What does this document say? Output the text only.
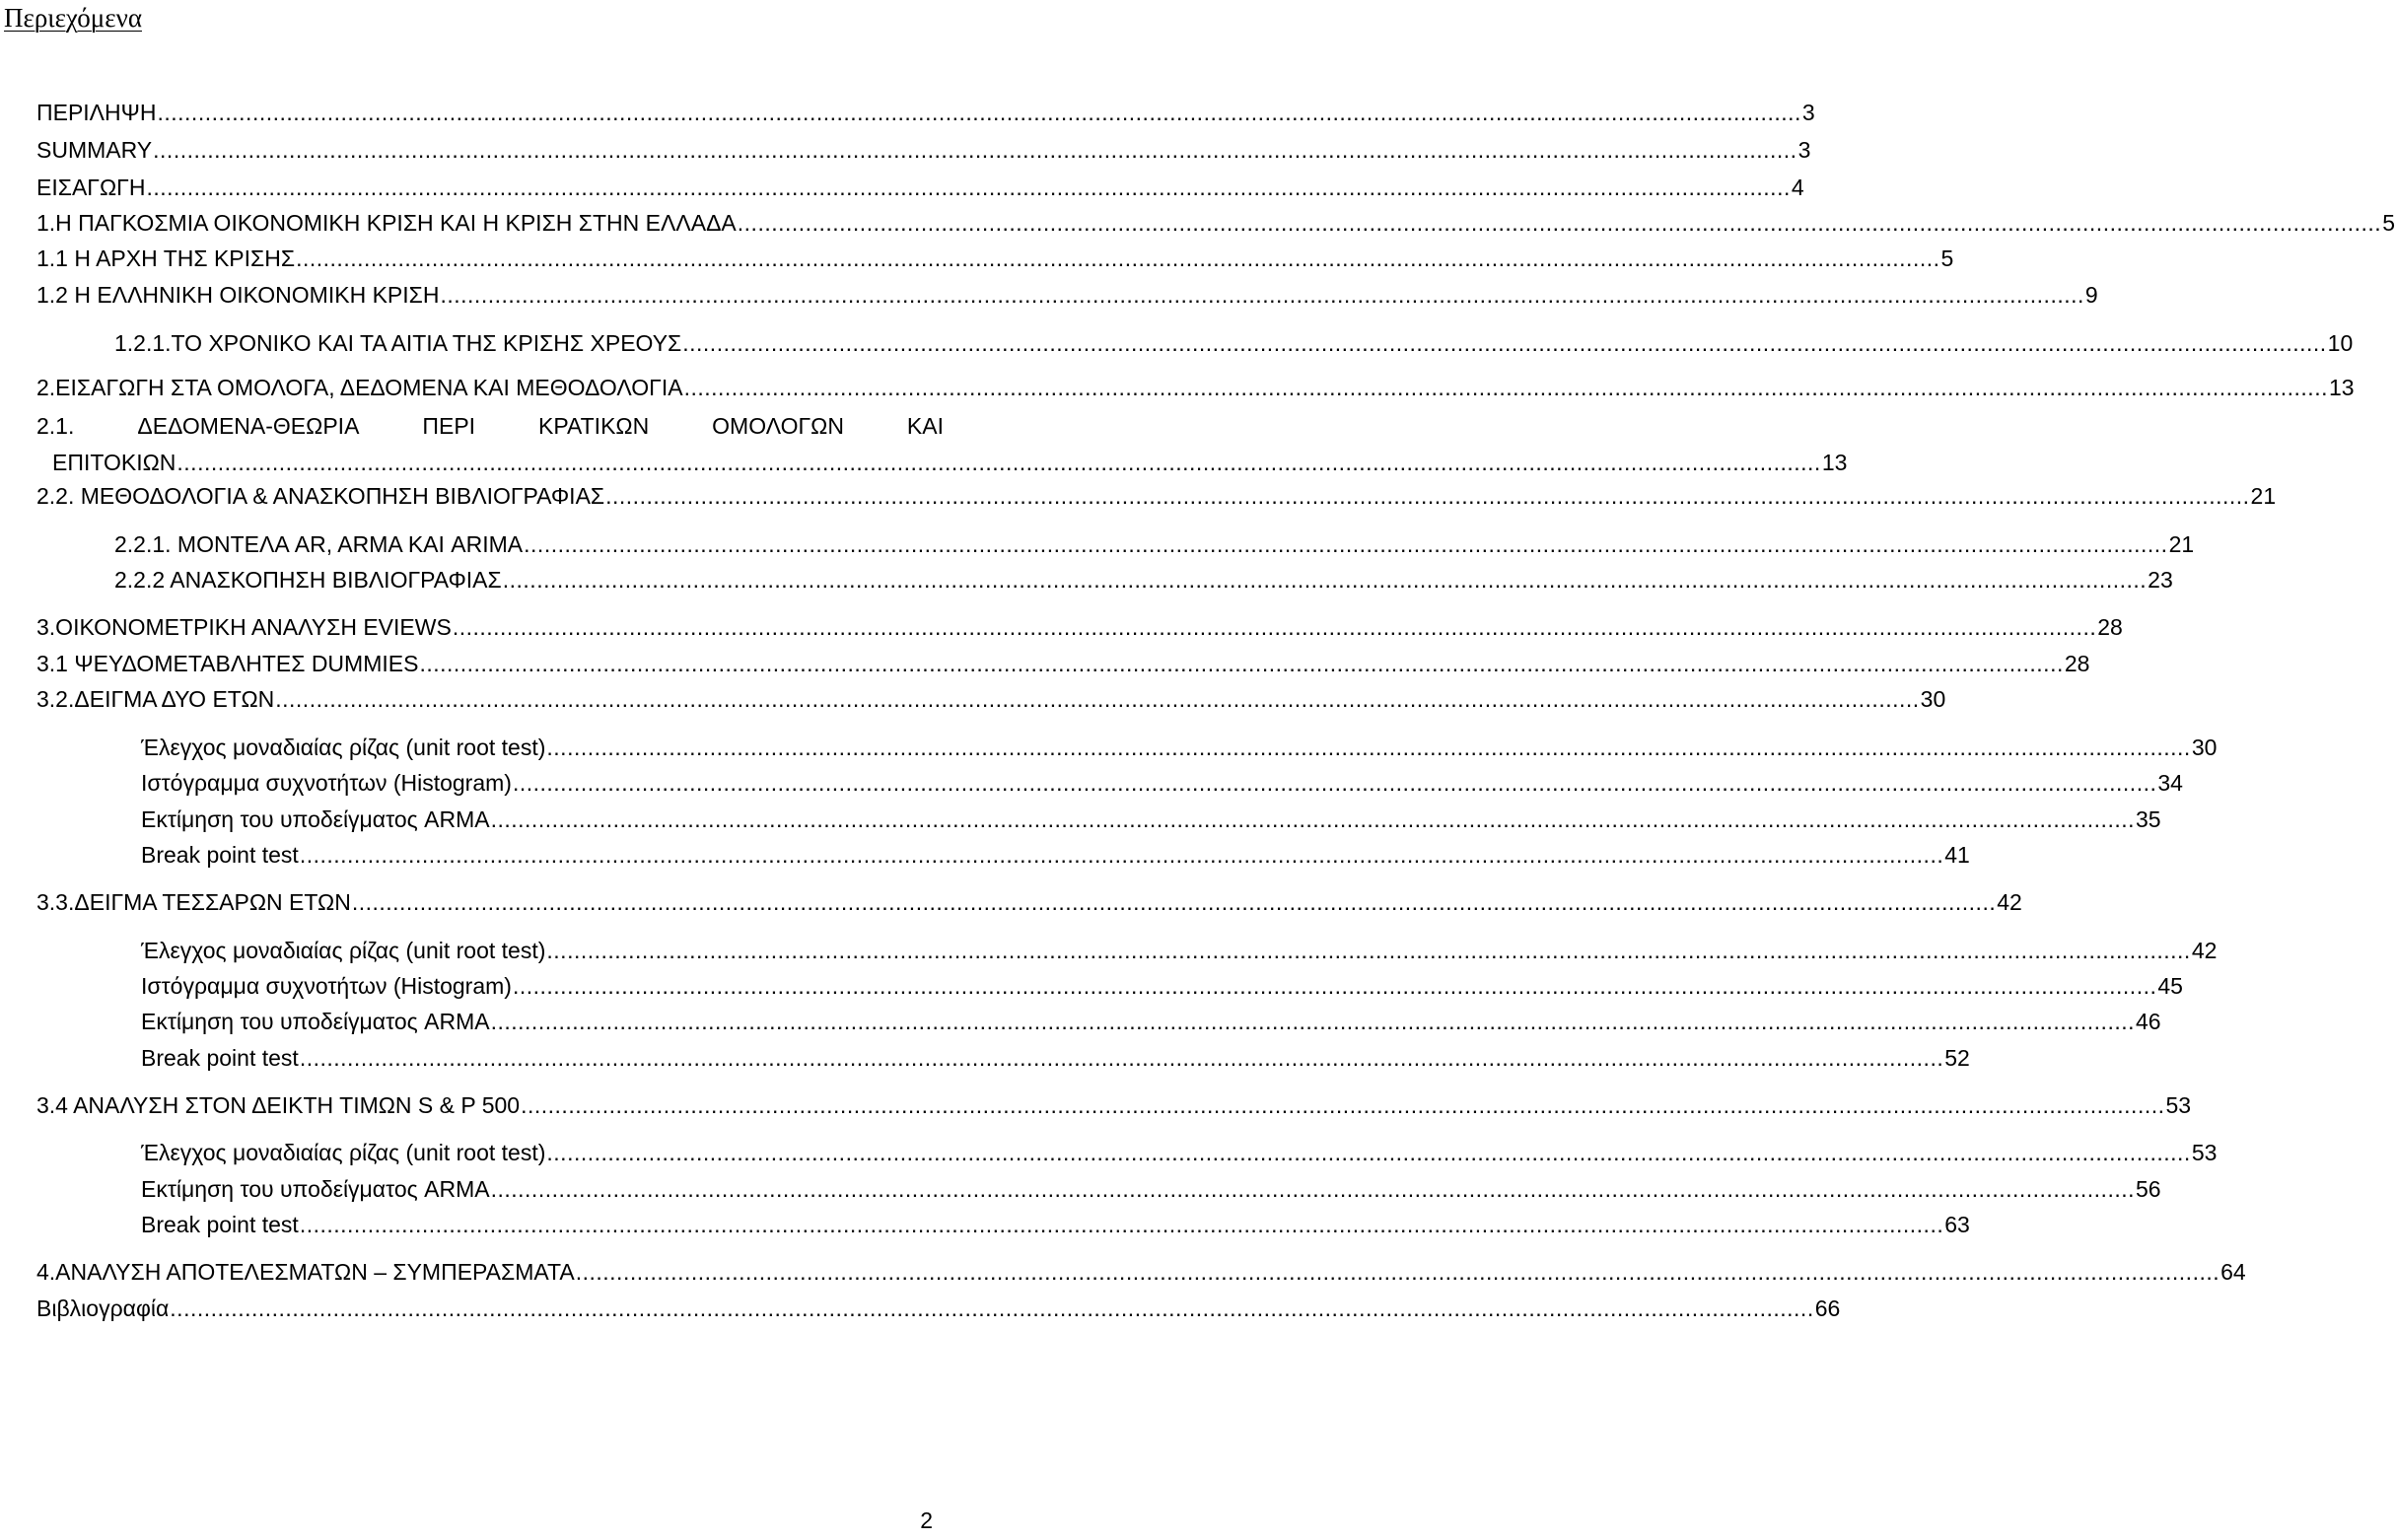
Περιεχόμενα
ΠΕΡΙΛΗΨΗ .....	3
SUMMARY .....	3
ΕΙΣΑΓΩΓΗ .....	4
1.Η ΠΑΓΚΟΣΜΙΑ ΟΙΚΟΝΟΜΙΚΗ ΚΡΙΣΗ ΚΑΙ Η ΚΡΙΣΗ ΣΤΗΝ ΕΛΛΑΔΑ .....	5
1.1 Η ΑΡΧΗ ΤΗΣ ΚΡΙΣΗΣ .....	5
1.2 Η ΕΛΛΗΝΙΚΗ ΟΙΚΟΝΟΜΙΚΗ ΚΡΙΣΗ .....	9
1.2.1.ΤΟ ΧΡΟΝΙΚΟ ΚΑΙ ΤΑ ΑΙΤΙΑ ΤΗΣ ΚΡΙΣΗΣ ΧΡΕΟΥΣ .....	10
2.ΕΙΣΑΓΩΓΗ ΣΤΑ ΟΜΟΛΟΓΑ, ΔΕΔΟΜΕΝΑ ΚΑΙ ΜΕΘΟΔΟΛΟΓΙΑ .....	13
2.1.	ΔΕΔΟΜΕΝΑ-ΘΕΩΡΙΑ	ΠΕΡΙ	ΚΡΑΤΙΚΩΝ	ΟΜΟΛΟΓΩΝ	ΚΑΙ
ΕΠΙΤΟΚΙΩΝ .....	13
2.2. ΜΕΘΟΔΟΛΟΓΙΑ & ΑΝΑΣΚΟΠΗΣΗ ΒΙΒΛΙΟΓΡΑΦΙΑΣ .....	21
2.2.1. ΜΟΝΤΕΛΑ AR, ARMA ΚΑΙ ARIMA .....	21
2.2.2 ΑΝΑΣΚΟΠΗΣΗ ΒΙΒΛΙΟΓΡΑΦΙΑΣ .....	23
3.ΟΙΚΟΝΟΜΕΤΡΙΚΗ ΑΝΑΛΥΣΗ EVIEWS .....	28
3.1 ΨΕΥΔΟΜΕΤΑΒΛΗΤΕΣ DUMMIES .....	28
3.2.ΔΕΙΓΜΑ ΔΥΟ ΕΤΩΝ .....	30
Έλεγχος μοναδιαίας ρίζας (unit root test) .....	30
Ιστόγραμμα συχνοτήτων (Histogram) .....	34
Εκτίμηση του υποδείγματος ARMA .....	35
Break point test .....	41
3.3.ΔΕΙΓΜΑ ΤΕΣΣΑΡΩΝ ΕΤΩΝ .....	42
Έλεγχος μοναδιαίας ρίζας (unit root test) .....	42
Ιστόγραμμα συχνοτήτων (Histogram) .....	45
Εκτίμηση του υποδείγματος ARMA .....	46
Break point test .....	52
3.4 ΑΝΑΛΥΣΗ ΣΤΟΝ ΔΕΙΚΤΗ ΤΙΜΩΝ S & P 500 .....	53
Έλεγχος μοναδιαίας ρίζας (unit root test) .....	53
Εκτίμηση του υποδείγματος ARMA .....	56
Break point test .....	63
4.ΑΝΑΛΥΣΗ ΑΠΟΤΕΛΕΣΜΑΤΩΝ – ΣΥΜΠΕΡΑΣΜΑΤΑ .....	64
Βιβλιογραφία .....	66
2
